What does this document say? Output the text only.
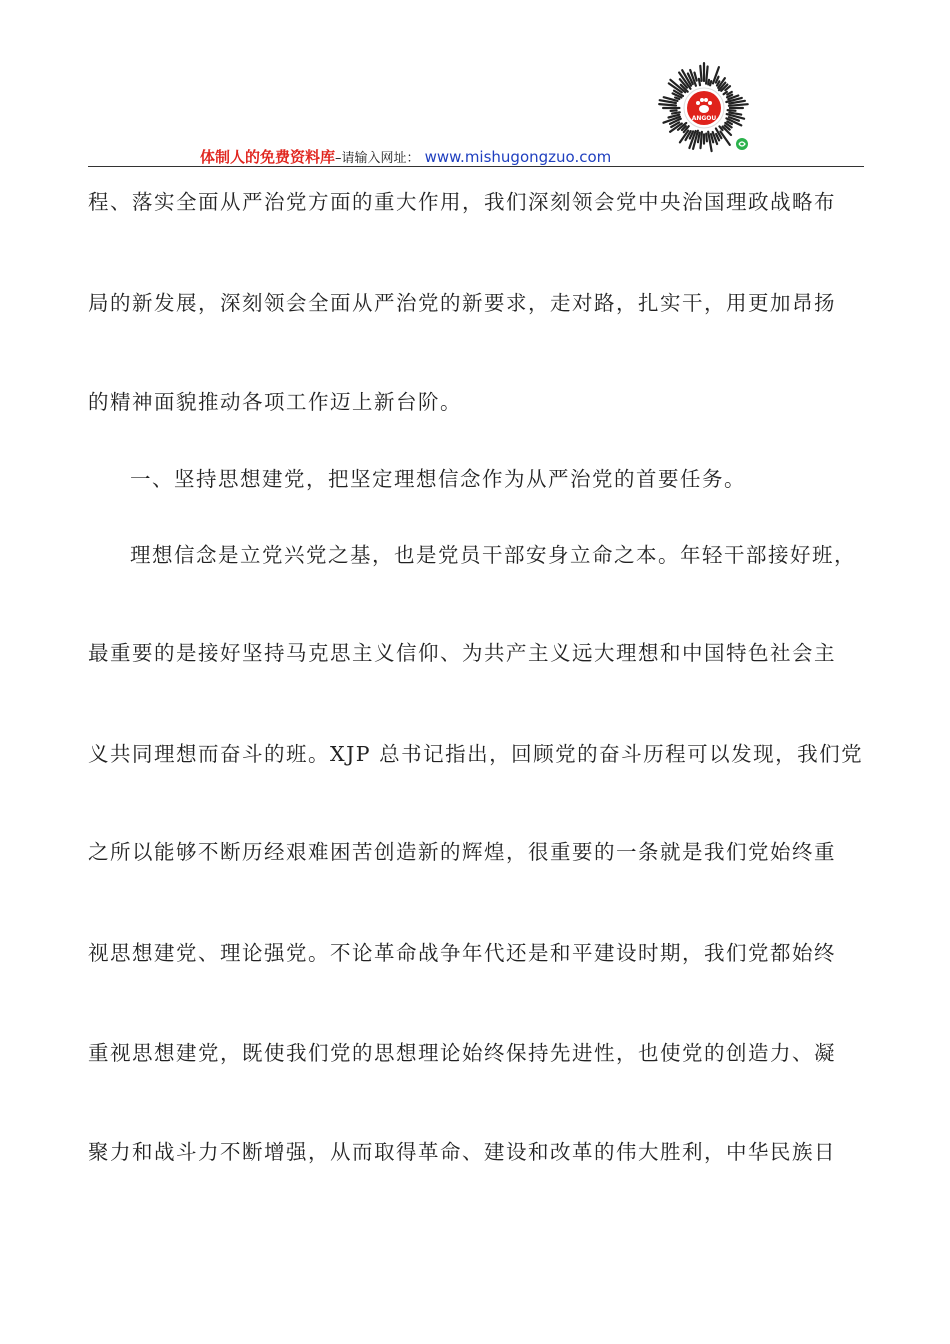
ANGOU
体制人的免费资料库–请输入网址： www.mishugongzuo.com
程、落实全面从严治党方面的重大作用，我们深刻领会党中央治国理政战略布
局的新发展，深刻领会全面从严治党的新要求，走对路，扎实干，用更加昂扬
的精神面貌推动各项工作迈上新台阶。
一、坚持思想建党，把坚定理想信念作为从严治党的首要任务。
理想信念是立党兴党之基，也是党员干部安身立命之本。年轻干部接好班，
最重要的是接好坚持马克思主义信仰、为共产主义远大理想和中国特色社会主
义共同理想而奋斗的班。XJP 总书记指出，回顾党的奋斗历程可以发现，我们党
之所以能够不断历经艰难困苦创造新的辉煌，很重要的一条就是我们党始终重
视思想建党、理论强党。不论革命战争年代还是和平建设时期，我们党都始终
重视思想建党，既使我们党的思想理论始终保持先进性，也使党的创造力、凝
聚力和战斗力不断增强，从而取得革命、建设和改革的伟大胜利，中华民族日
